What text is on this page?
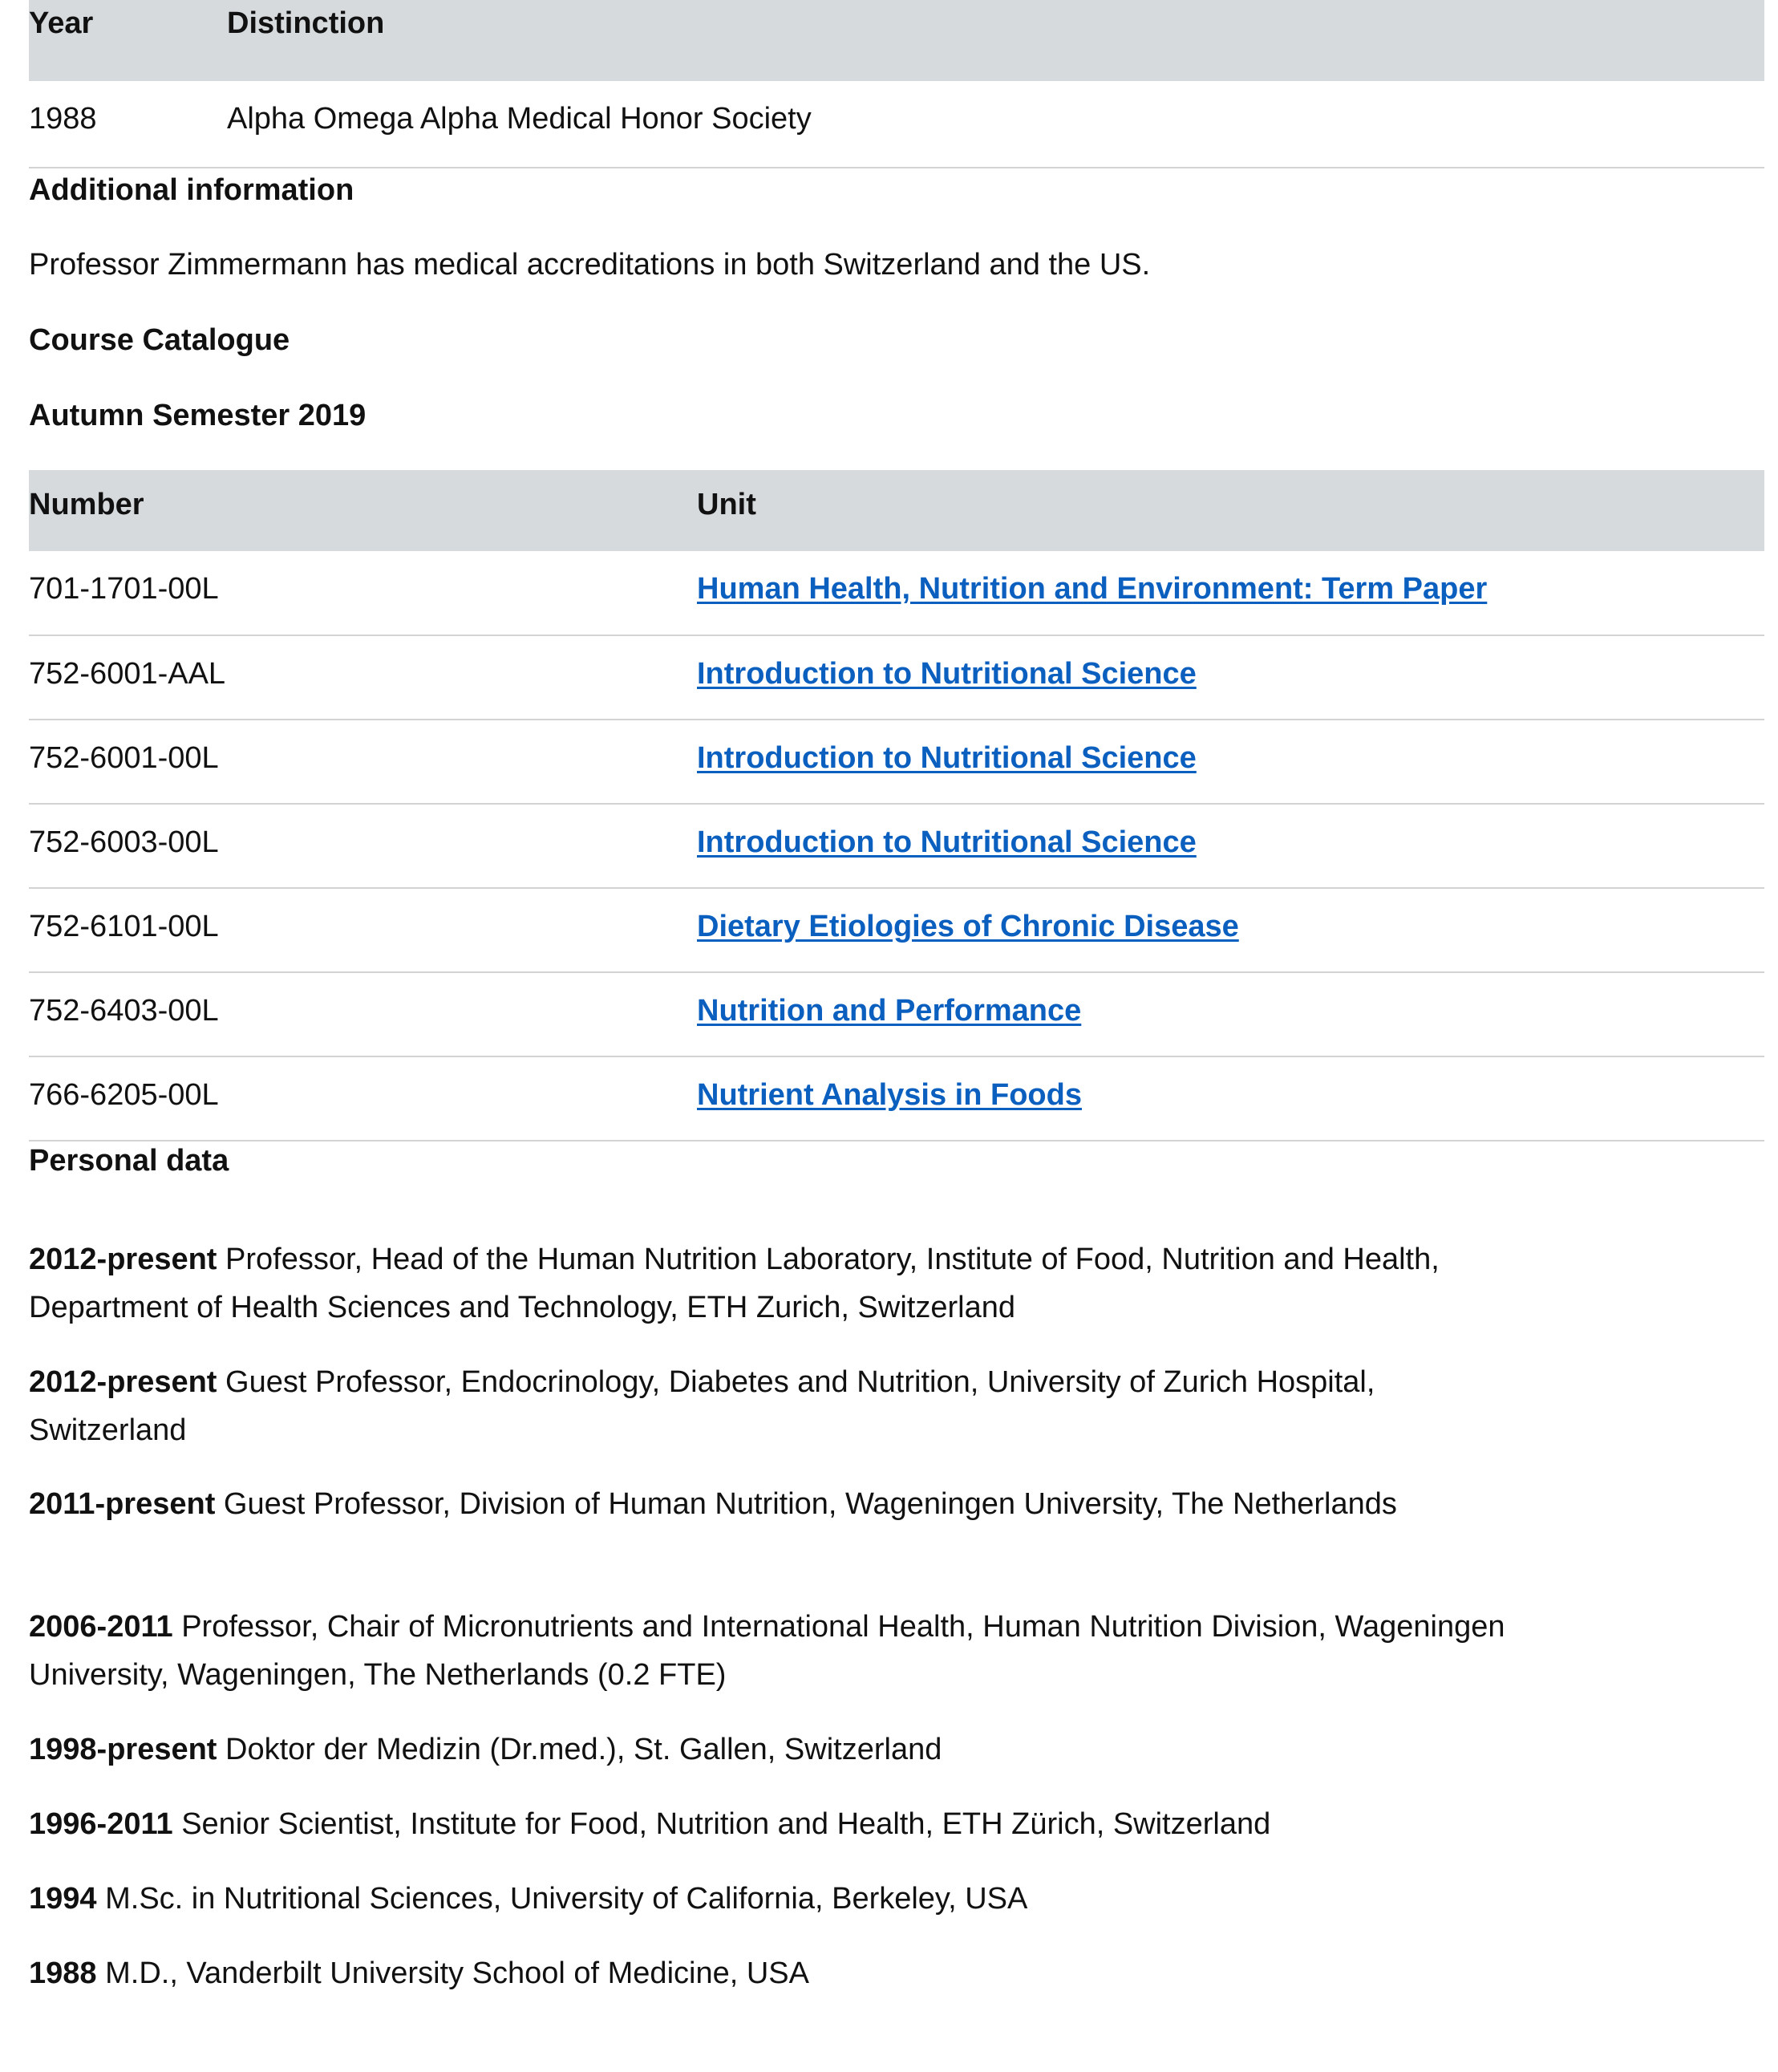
Year	Distinction
1988	Alpha Omega Alpha Medical Honor Society

Additional information

Professor Zimmermann has medical accreditations in both Switzerland and the US.

Course Catalogue

Autumn Semester 2019

Number	Unit
701-1701-00L	Human Health, Nutrition and Environment: Term Paper
752-6001-AAL	Introduction to Nutritional Science
752-6001-00L	Introduction to Nutritional Science
752-6003-00L	Introduction to Nutritional Science
752-6101-00L	Dietary Etiologies of Chronic Disease
752-6403-00L	Nutrition and Performance
766-6205-00L	Nutrient Analysis in Foods

Personal data

2012-present Professor, Head of the Human Nutrition Laboratory, Institute of Food, Nutrition and Health, Department of Health Sciences and Technology, ETH Zurich, Switzerland

2012-present Guest Professor, Endocrinology, Diabetes and Nutrition, University of Zurich Hospital, Switzerland

2011-present Guest Professor, Division of Human Nutrition, Wageningen University, The Netherlands

2006-2011 Professor, Chair of Micronutrients and International Health, Human Nutrition Division, Wageningen University, Wageningen, The Netherlands (0.2 FTE)

1998-present Doktor der Medizin (Dr.med.), St. Gallen, Switzerland

1996-2011 Senior Scientist, Institute for Food, Nutrition and Health, ETH Zürich, Switzerland

1994 M.Sc. in Nutritional Sciences, University of California, Berkeley, USA

1988 M.D., Vanderbilt University School of Medicine, USA
